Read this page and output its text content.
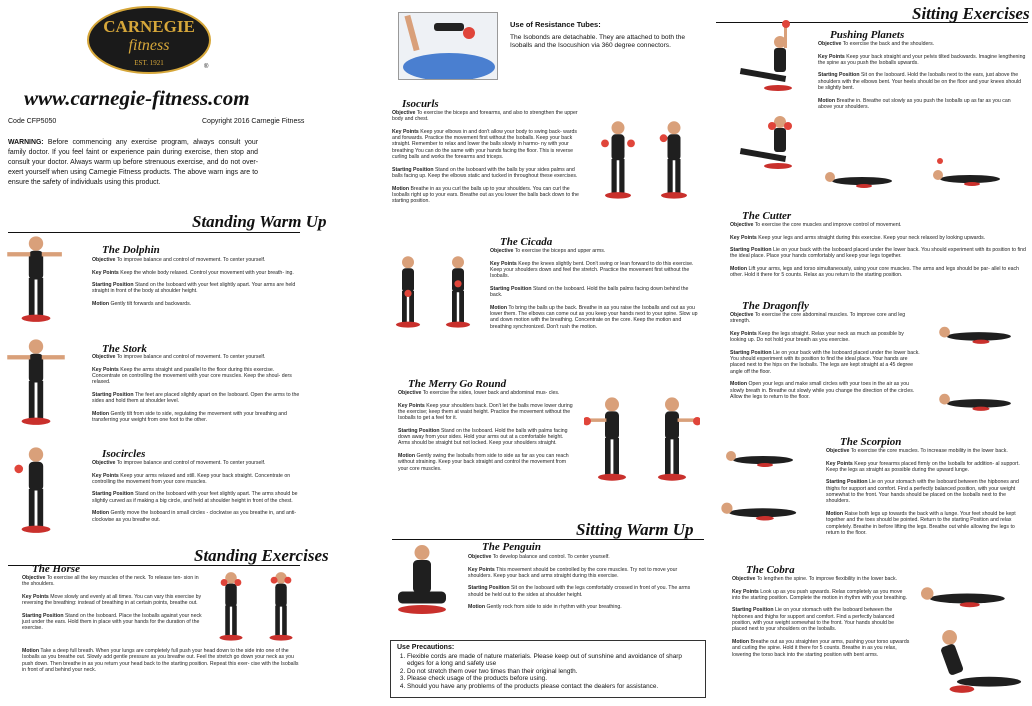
CARNEGIE
fitness
EST. 1921	®
www.carnegie-fitness.com
Code CFP5050	Copyright 2016 Carnegie Fitness
WARNING: Before commencing any exercise program, always consult your family doctor. If you feel faint or experience pain during exercise, then stop and consult your doctor. Always warm up before strenuous exercise, and do not over-exert yourself when using Carnegie Fitness products. The above warn ings are to ensure the safety of individuals using this product.
Standing Warm Up
The Dolphin

Objective To improve balance and control of movement. To center yourself.

Key Points Keep the whole body relaxed. Control your movement with your breath- ing.

Starting Position Stand on the Isoboard with your feet slightly apart. Your arms are held straight in front of the body at shoulder height.

Motion Gently tilt forwards and backwards.

The Stork

Objective To improve balance and control of movement. To center yourself.

Key Points Keep the arms straight and parallel to the floor during this exercise. Concentrate on controlling the movement with your core muscles. Keep the shoul- ders relaxed.

Starting Position The feet are placed slightly apart on the Isoboard. Open the arms to the sides and hold them at shoulder level.

Motion Gently tilt from side to side, regulating the movement with your breathing and transferring your weight from one foot to the other.

Isocircles

Objective To improve balance and control of movement. To center yourself.

Key Points Keep your arms relaxed and still. Keep your back straight. Concentrate on controlling the movement from your core muscles.

Starting Position Stand on the Isoboard with your feet slightly apart. The arms should be slightly curved as if making a big circle, and held at shoulder height in front of the chest.

Motion Gently move the Isoboard in small circles - clockwise as you breathe in, and anti-clockwise as you breathe out.

Standing Exercises
The Horse

Objective To exercise all the key muscles of the neck. To release ten- sion in the shoulders.

Key Points Move slowly and evenly at all times. You can vary this exercise by reversing the breathing: instead of breathing in at certain points, breathe out.

Starting Position Stand on the Isoboard. Place the Isoballs against your neck just under the ears. Hold them in place with your hands for the duration of the exercise.

Motion Take a deep full breath. When your lungs are completely full push your head down to the side into one of the Isoballs as you breathe out. Slowly add gentle pressure as you breathe out. Feel the stretch go down your neck as you push down. Then breathe in as you return your head back to the starting position. Repeat this exer- cise with the Isoballs in front of and behind your neck.

Use of Resistance Tubes:
The Isobonds are detachable. They are attached to both the Isoballs and the Isocushion via 360 degree connectors.
Isocurls

Objective To exercise the biceps and forearms, and also to strengthen the upper body and chest.

Key Points Keep your elbows in and don't allow your body to swing back- wards and forwards. Practice the movement first without the Isoballs. Keep your back straight. Remember to relax and lower the balls slowly in harmo- ny with your breathing You can do the same with your hands facing the floor. This is reverse curling balls and works the forearms and triceps.

Starting Position Stand on the Isoboard with the balls by your sides palms and balls facing up. Keep the elbows static and tucked in throughout these exercises.

Motion Breathe in as you curl the balls up to your shoulders. You can curl the Isoballs right up to your ears. Breathe out as you lower the balls back down to the starting position.

The Cicada

Objective To exercise the biceps and upper arms.

Key Points Keep the knees slightly bent. Don't swing or lean forward to do this exercise. Keep your shoulders down and feel the stretch. Practice the movement first without the Isoballs.

Starting Position Stand on the Isoboard. Hold the balls palms facing down behind the back.

Motion To bring the balls up the back. Breathe in as you raise the Isoballs and out as you lower them. The elbows can come out as you keep your hands next to your spine. Slow up and down motion with the breathing. Concentrate on the core. Keep the motion and breathing synchronized. Don't rush the motion.

The Merry Go Round

Objective To exercise the sides, lower back and abdominal mus- cles.

Key Points Keep your shoulders back. Don't let the balls move lower during the exercise; keep them at waist height. Practice the movement without the Isoballs to get a feel for it.

Starting Position Stand on the Isoboard. Hold the balls with palms facing down away from your sides. Hold your arms out at a comfortable height. Arms should be straight but not locked. Keep your shoulders straight.

Motion Gently swing the Isoballs from side to side as far as you can reach without straining. Keep your back straight and control the movement from your core muscles.

Sitting Warm Up
The Penguin

Objective To develop balance and control. To center yourself.

Key Points This movement should be controlled by the core muscles. Try not to move your shoulders. Keep your back and arms straight during this exercise.

Starting Position Sit on the Isoboard with the legs comfortably crossed in front of you. The arms should be held out to the sides at shoulder height.

Motion Gently rock from side to side in rhythm with your breathing.

Use Precautions:
1. Flexible cords are made of nature materials. Please keep out of sunshine and avoidance of sharp edges for a long and safety use
2. Do not stretch them over two times than their original length.
3. Please check usage of the products before using.
4. Should you have any problems of the products please contact the dealers for assistance.
Sitting Exercises
Pushing Planets

Objective To exercise the back and the shoulders.

Key Points Keep your back straight and your pelvis tilted backwards. Imagine lengthening the spine as you push the Isoballs upwards.

Starting Position Sit on the Isoboard. Hold the Isoballs next to the ears, just above the shoulders with the elbows bent. Your heels should be on the floor and your knees should be slightly bent.

Motion Breathe in. Breathe out slowly as you push the Isoballs up as far as you can above your shoulders.

The Cutter

Objective To exercise the core muscles and improve control of movement.

Key Points Keep your legs and arms straight during this exercise. Keep your neck relaxed by looking upwards.

Starting Position Lie on your back with the Isoboard placed under the lower back. You should experiment with its position to find the ideal place. Place your hands comfortably and keep your legs together.

Motion Lift your arms, legs and torso simultaneously, using your core muscles. The arms and legs should be par- allel to each other. Hold it there for 5 counts. Relax as you return to the starting position.

The Dragonfly

Objective To exercise the core abdominal muscles. To improve core and leg strength.

Key Points Keep the legs straight. Relax your neck as much as possible by looking up. Do not hold your breath as you exercise.

Starting Position Lie on your back with the Isoboard placed under the lower back. You should experiment with its position to find the ideal place. Your hands are placed next to the hips on the Isoballs. The legs are kept straight at a 45 degree angle off the floor.

Motion Open your legs and make small circles with your toes in the air as you slowly breath in. Breathe out slowly while you change the direction of the circles. Allow the legs to return to the floor.

The Scorpion

Objective To exercise the core muscles. To increase mobility in the lower back.

Key Points Keep your forearms placed firmly on the Isoballs for addition- al support. Keep the legs as straight as possible during the upward lunge.

Starting Position Lie on your stomach with the Isoboard between the hipbones and thighs for support and comfort. Find a perfectly balanced position, with your weight somewhat to the front. Your hands should be placed on the Isoballs next to the shoulders.

Motion Raise both legs up towards the back with a lunge. Your feet should be kept together and the toes should be pointed. Return to the starting Position and relax completely. Breathe in before lifting the legs. Breathe out while allowing the legs to return to the floor.

The Cobra

Objective To lengthen the spine. To improve flexibility in the lower back.

Key Points Look up as you push upwards. Relax completely as you move into the starting position. Complete the motion in rhythm with your breathing.

Starting Position Lie on your stomach with the Isoboard between the hipbones and thighs for support and comfort. Find a perfectly balanced position, with your weight somewhat to the front. Your hands should be placed next to your shoulders on the Isoballs.

Motion Breathe out as you straighten your arms, pushing your torso upwards and curling the spine. Hold it there for 5 counts. Breathe in as you relax, lowering the torso back into the starting position with bent arms.
